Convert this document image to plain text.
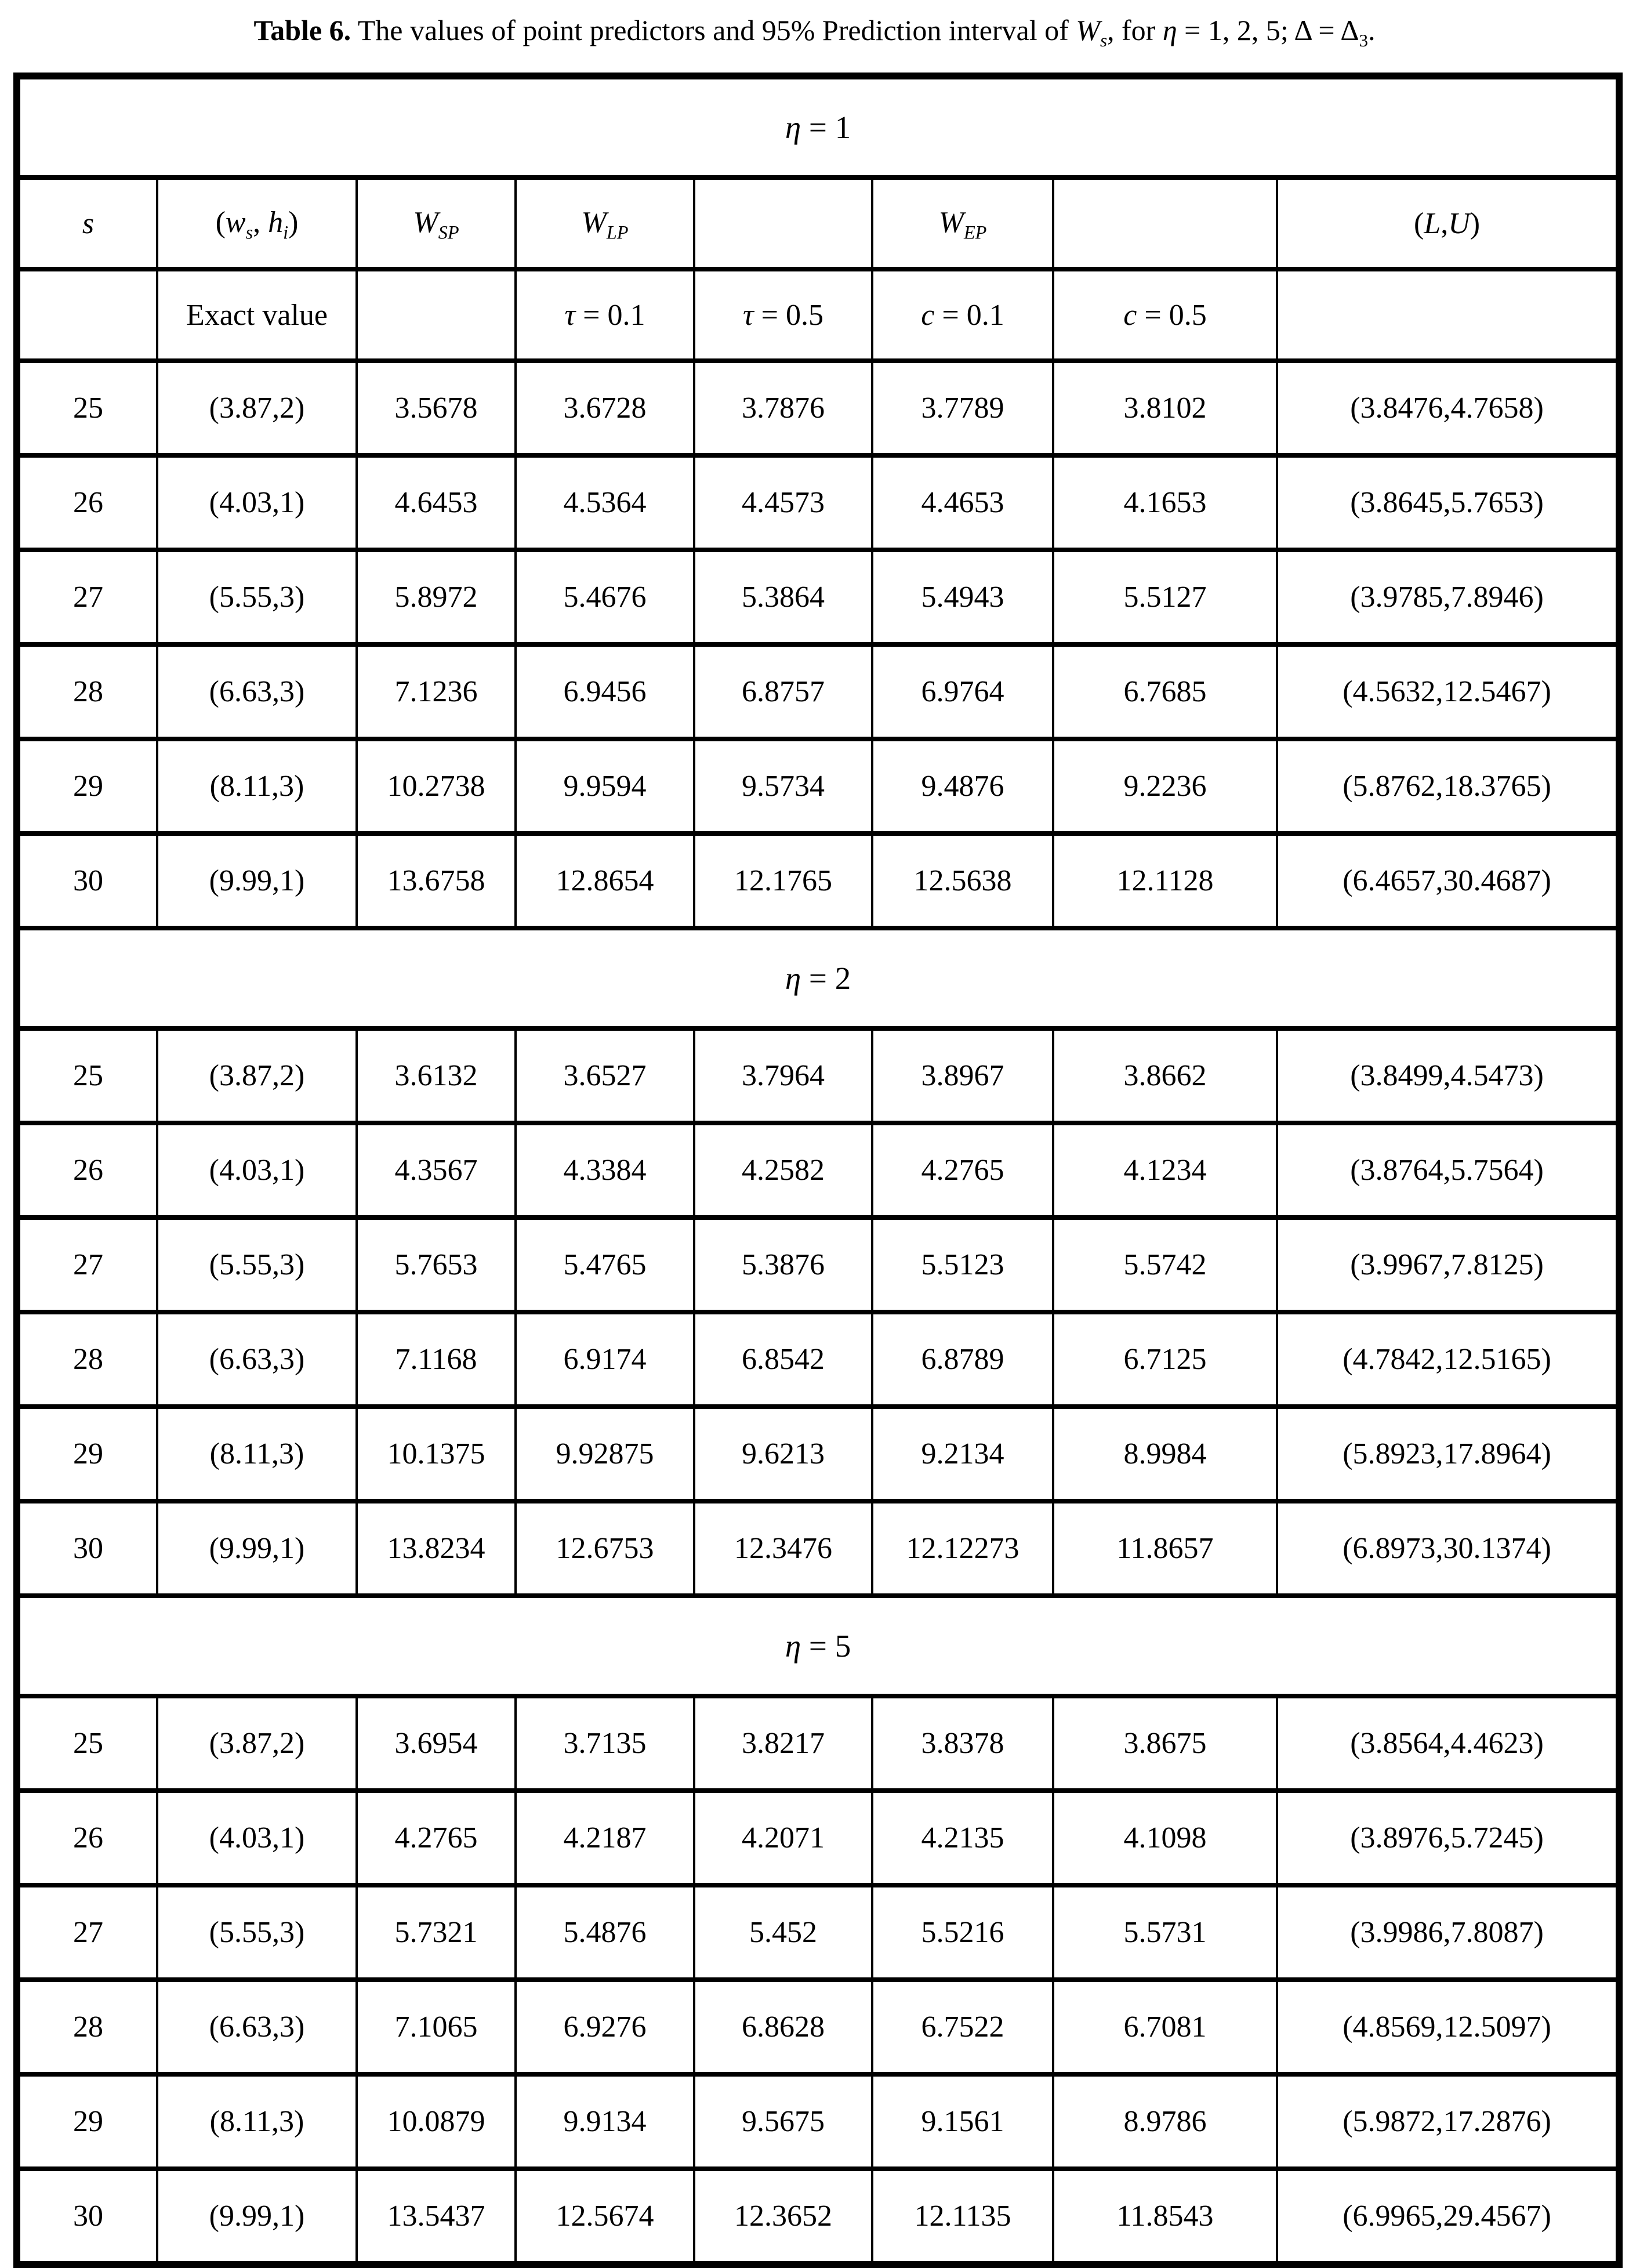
Table 6. The values of point predictors and 95% Prediction interval of $W_s$, for η = 1, 2, 5; $\Delta = \Delta_3$.
η = 1							
s	($w_s$, $h_i$)	$W_{SP}$	$W_{LP}$		$W_{EP}$		(L,U)
	Exact value		τ = 0.1	τ = 0.5	c = 0.1	c = 0.5	
25	(3.87,2)	3.5678	3.6728	3.7876	3.7789	3.8102	(3.8476,4.7658)
26	(4.03,1)	4.6453	4.5364	4.4573	4.4653	4.1653	(3.8645,5.7653)
27	(5.55,3)	5.8972	5.4676	5.3864	5.4943	5.5127	(3.9785,7.8946)
28	(6.63,3)	7.1236	6.9456	6.8757	6.9764	6.7685	(4.5632,12.5467)
29	(8.11,3)	10.2738	9.9594	9.5734	9.4876	9.2236	(5.8762,18.3765)
30	(9.99,1)	13.6758	12.8654	12.1765	12.5638	12.1128	(6.4657,30.4687)
η = 2							
25	(3.87,2)	3.6132	3.6527	3.7964	3.8967	3.8662	(3.8499,4.5473)
26	(4.03,1)	4.3567	4.3384	4.2582	4.2765	4.1234	(3.8764,5.7564)
27	(5.55,3)	5.7653	5.4765	5.3876	5.5123	5.5742	(3.9967,7.8125)
28	(6.63,3)	7.1168	6.9174	6.8542	6.8789	6.7125	(4.7842,12.5165)
29	(8.11,3)	10.1375	9.92875	9.6213	9.2134	8.9984	(5.8923,17.8964)
30	(9.99,1)	13.8234	12.6753	12.3476	12.12273	11.8657	(6.8973,30.1374)
η = 5							
25	(3.87,2)	3.6954	3.7135	3.8217	3.8378	3.8675	(3.8564,4.4623)
26	(4.03,1)	4.2765	4.2187	4.2071	4.2135	4.1098	(3.8976,5.7245)
27	(5.55,3)	5.7321	5.4876	5.452	5.5216	5.5731	(3.9986,7.8087)
28	(6.63,3)	7.1065	6.9276	6.8628	6.7522	6.7081	(4.8569,12.5097)
29	(8.11,3)	10.0879	9.9134	9.5675	9.1561	8.9786	(5.9872,17.2876)
30	(9.99,1)	13.5437	12.5674	12.3652	12.1135	11.8543	(6.9965,29.4567)
